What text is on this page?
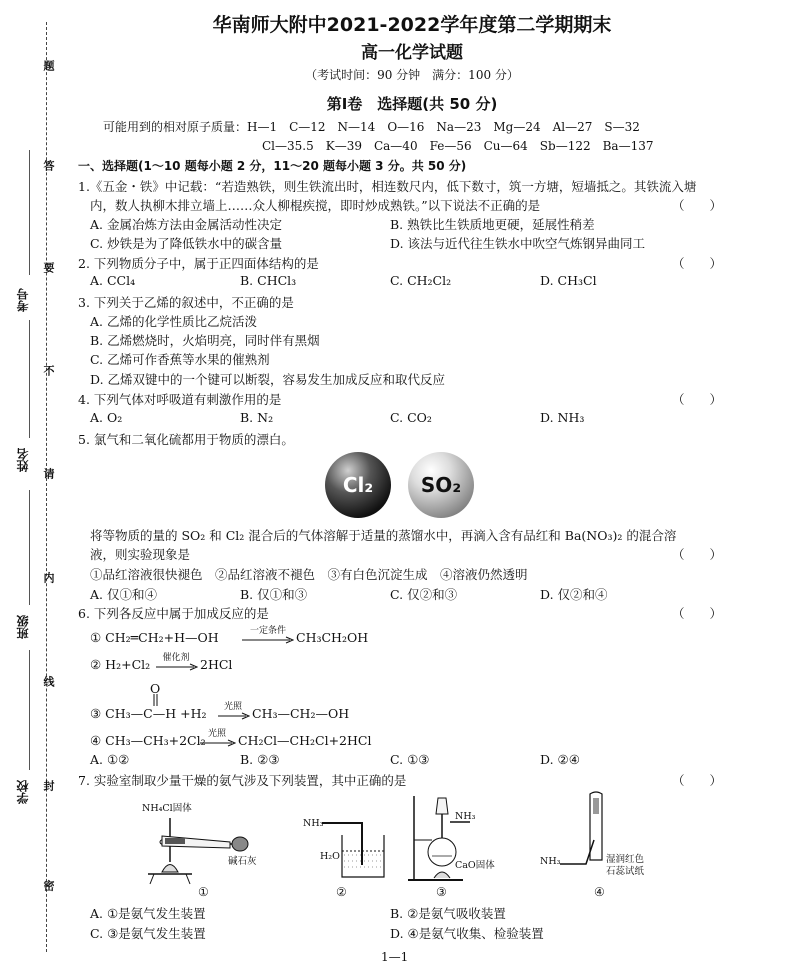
题
答
要
不
请
内
线
封
密
考号
姓名
班级
学校
华南师大附中2021-2022学年度第二学期期末
高一化学试题
（考试时间：90 分钟　满分：100 分）
第Ⅰ卷　选择题(共 50 分)
可能用到的相对原子质量：H—1　C—12　N—14　O—16　Na—23　Mg—24　Al—27　S—32
Cl—35.5　K—39　Ca—40　Fe—56　Cu—64　Sb—122　Ba—137
一、选择题(1～10 题每小题 2 分，11～20 题每小题 3 分。共 50 分)
1.《五金・铁》中记载：“若造熟铁，则生铁流出时，相连数尺内，低下数寸，筑一方塘，短墙抵之。其铁流入塘
内，数人执柳木排立墙上……众人柳棍疾搅，即时炒成熟铁。”以下说法不正确的是	（　　）
A. 金属冶炼方法由金属活动性决定	B. 熟铁比生铁质地更硬，延展性稍差
C. 炒铁是为了降低铁水中的碳含量	D. 该法与近代往生铁水中吹空气炼钢异曲同工
2. 下列物质分子中，属于正四面体结构的是	（　　）
A. CCl₄	B. CHCl₃	C. CH₂Cl₂	D. CH₃Cl
3. 下列关于乙烯的叙述中，不正确的是
A. 乙烯的化学性质比乙烷活泼
B. 乙烯燃烧时，火焰明亮，同时伴有黑烟
C. 乙烯可作香蕉等水果的催熟剂
D. 乙烯双键中的一个键可以断裂，容易发生加成反应和取代反应
4. 下列气体对呼吸道有刺激作用的是	（　　）
A. O₂	B. N₂	C. CO₂	D. NH₃
5. 氯气和二氧化硫都用于物质的漂白。
Cl₂ SO₂
将等物质的量的 SO₂ 和 Cl₂ 混合后的气体溶解于适量的蒸馏水中，再滴入含有品红和 Ba(NO₃)₂ 的混合溶
液，则实验现象是	（　　）
①品红溶液很快褪色　②品红溶液不褪色　③有白色沉淀生成　④溶液仍然透明
A. 仅①和④	B. 仅①和③	C. 仅②和③	D. 仅②和④
6. 下列各反应中属于加成反应的是	（　　）
① CH₂═CH₂+H—OH	一定条件 → CH₃CH₂OH
② H₂+Cl₂	催化剂 → 2HCl
O
③ CH₃—C—H +H₂	光照 → CH₃—CH₂—OH
④ CH₃—CH₃+2Cl₂ 光照 → CH₂Cl—CH₂Cl+2HCl
A. ①②	B. ②③	C. ①③	D. ②④
7. 实验室制取少量干燥的氨气涉及下列装置，其中正确的是	（　　）
NH₄Cl固体
碱石灰
①
NH₃
H₂O
②
NH₃
CaO固体
③
NH₃	湿润红色
石蕊试纸
④
A. ①是氨气发生装置	B. ②是氨气吸收装置
C. ③是氨气发生装置	D. ④是氨气收集、检验装置
1—1
